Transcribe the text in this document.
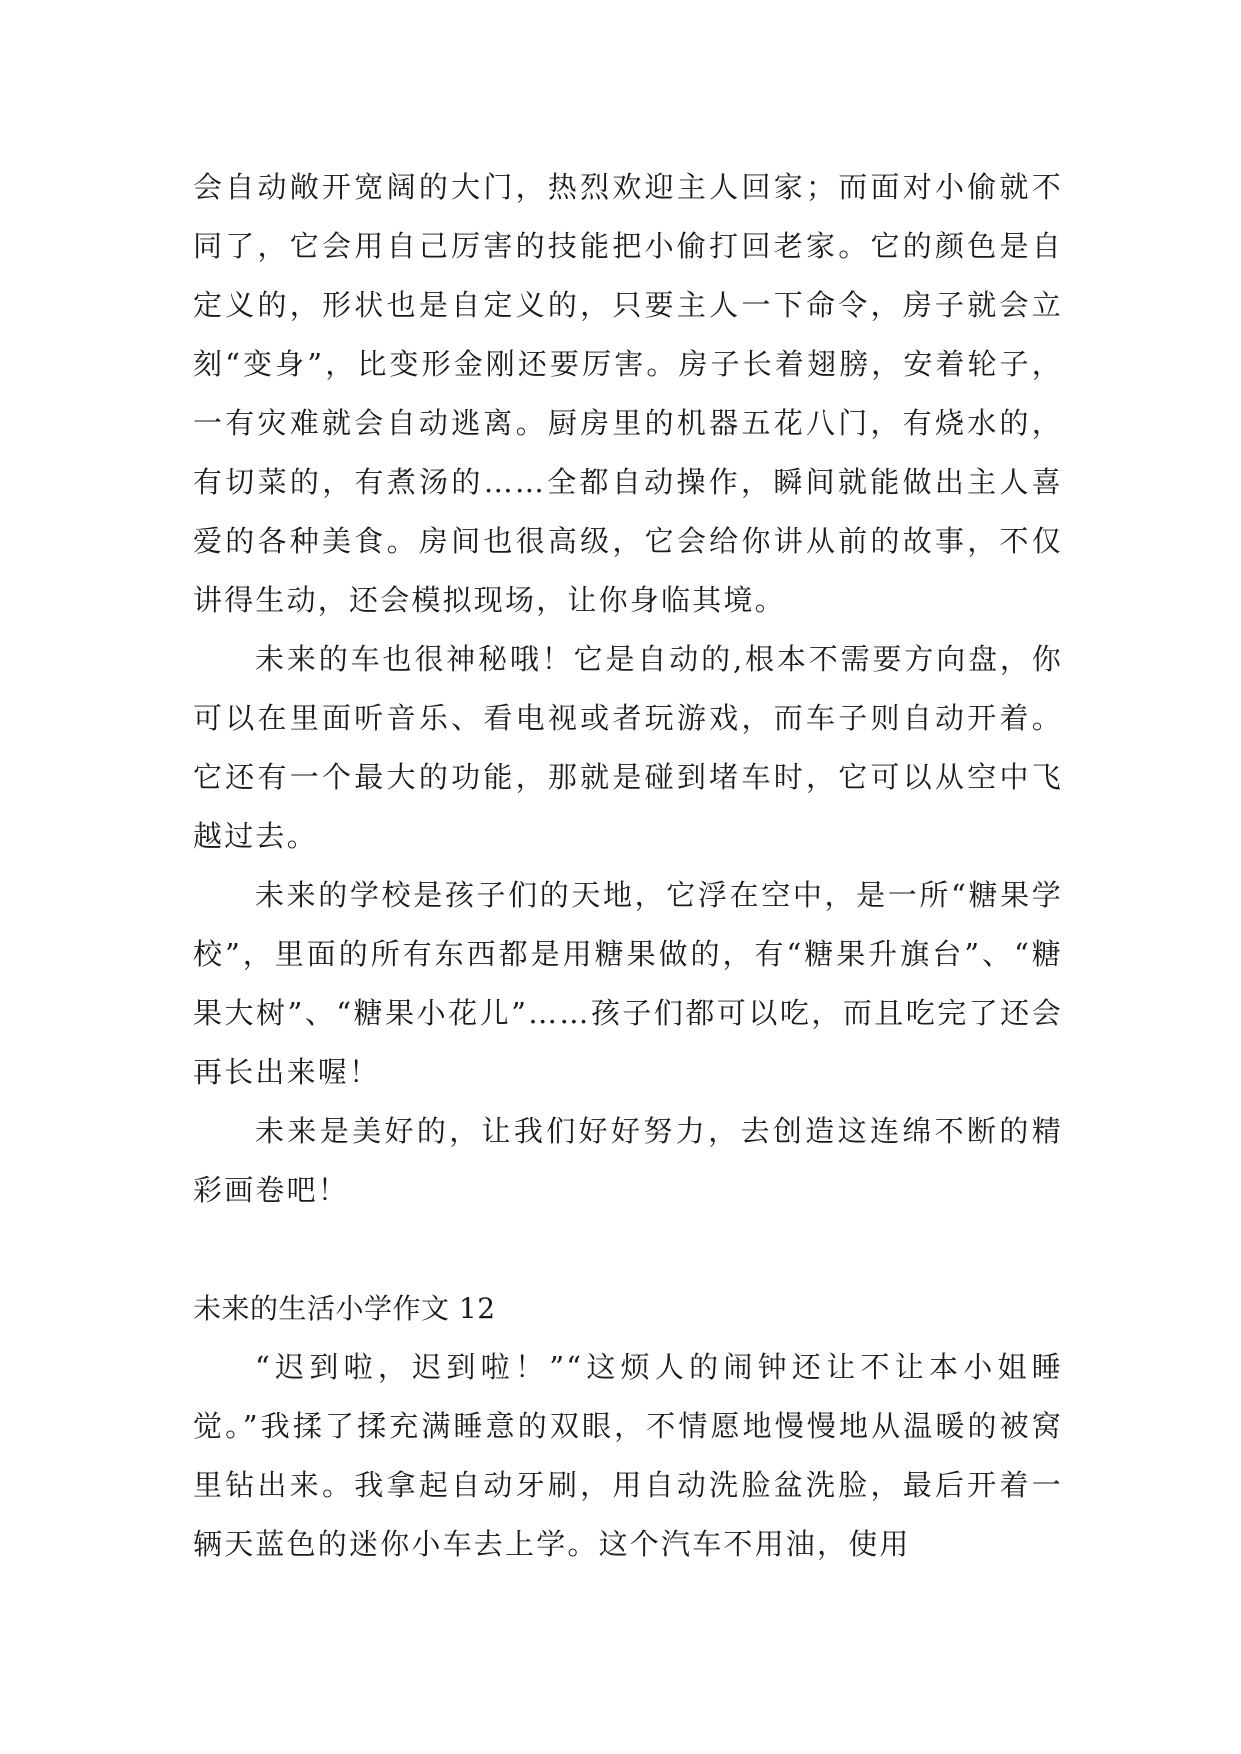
会自动敞开宽阔的大门，热烈欢迎主人回家；而面对小偷就不同了，它会用自己厉害的技能把小偷打回老家。它的颜色是自定义的，形状也是自定义的，只要主人一下命令，房子就会立刻“变身”，比变形金刚还要厉害。房子长着翅膀，安着轮子，一有灾难就会自动逃离。厨房里的机器五花八门，有烧水的，有切菜的，有煮汤的……全都自动操作，瞬间就能做出主人喜爱的各种美食。房间也很高级，它会给你讲从前的故事，不仅讲得生动，还会模拟现场，让你身临其境。

未来的车也很神秘哦！它是自动的,根本不需要方向盘，你可以在里面听音乐、看电视或者玩游戏，而车子则自动开着。它还有一个最大的功能，那就是碰到堵车时，它可以从空中飞越过去。

未来的学校是孩子们的天地，它浮在空中，是一所“糖果学校”，里面的所有东西都是用糖果做的，有“糖果升旗台”、“糖果大树”、“糖果小花儿”……孩子们都可以吃，而且吃完了还会再长出来喔！

未来是美好的，让我们好好努力，去创造这连绵不断的精彩画卷吧！

未来的生活小学作文 12

“迟到啦，迟到啦！”“这烦人的闹钟还让不让本小姐睡觉。”我揉了揉充满睡意的双眼，不情愿地慢慢地从温暖的被窝里钻出来。我拿起自动牙刷，用自动洗脸盆洗脸，最后开着一辆天蓝色的迷你小车去上学。这个汽车不用油，使用
